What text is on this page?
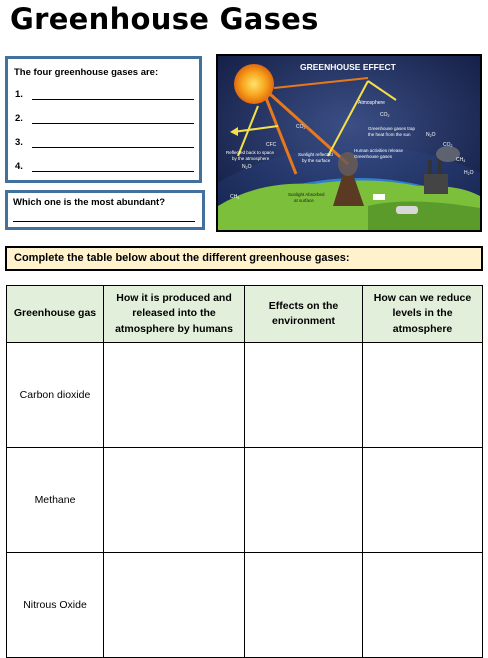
Greenhouse Gases
The four greenhouse gases are:
1.
2.
3.
4.
Which one is the most abundant?
GREENHOUSE EFFECT
Atmosphere
$CO_2$
$CO_2$
$CO_2$
$N_2O$
$N_2O$
$CH_4$
$CH_4$
$H_2O$
CFC
Greenhouse gases trap
the heat from the sun
Human activities release
Greenhouse gases
Reflected back to space
by the atmosphere
Sunlight reflected
by the surface
Sunlight Absorbed
at surface
Complete the table below about the different greenhouse gases:
Greenhouse gas	How it is produced and released into the atmosphere by humans	Effects on the environment	How can we reduce levels in the atmosphere
Carbon dioxide			
Methane			
Nitrous Oxide			
